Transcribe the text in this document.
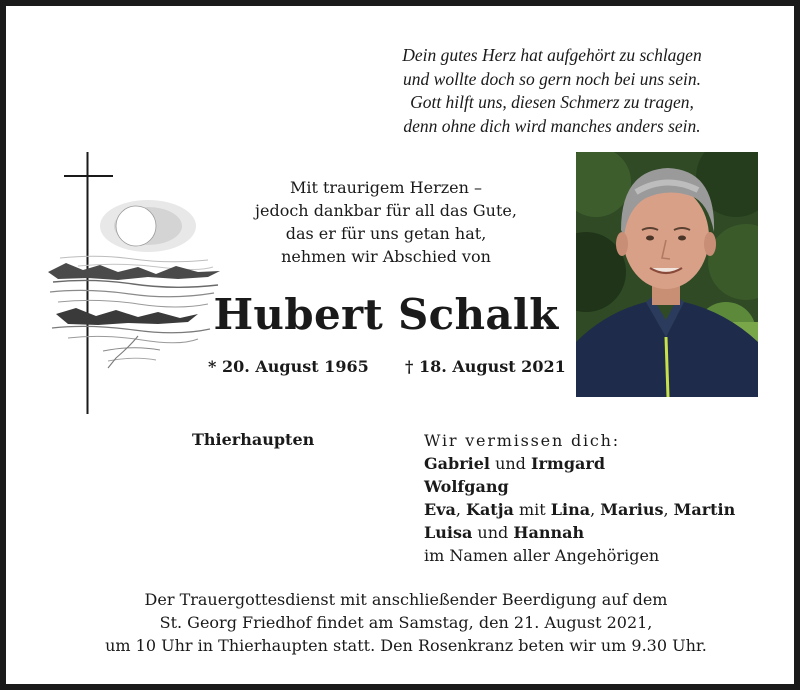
Dein gutes Herz hat aufgehört zu schlagen
und wollte doch so gern noch bei uns sein.
Gott hilft uns, diesen Schmerz zu tragen,
denn ohne dich wird manches anders sein.
Mit traurigem Herzen –
jedoch dankbar für all das Gute,
das er für uns getan hat,
nehmen wir Abschied von
Hubert Schalk
* 20. August 1965 † 18. August 2021
Thierhaupten	Wir vermissen dich:
Gabriel und Irmgard
Wolfgang
Eva, Katja mit Lina, Marius, Martin
Luisa und Hannah
im Namen aller Angehörigen
Der Trauergottesdienst mit anschließender Beerdigung auf dem
St. Georg Friedhof findet am Samstag, den 21. August 2021,
um 10 Uhr in Thierhaupten statt. Den Rosenkranz beten wir um 9.30 Uhr.
